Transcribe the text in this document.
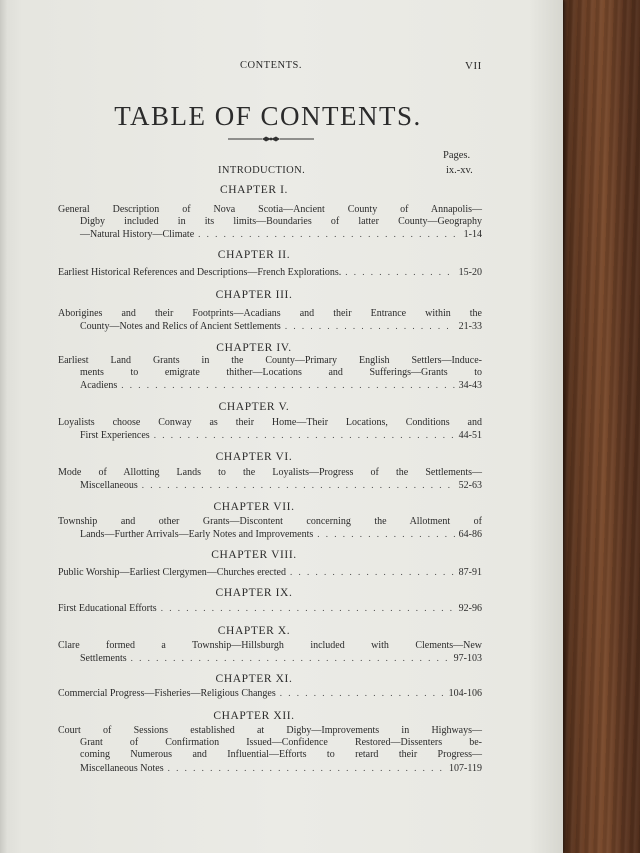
CONTENTS.	VII
TABLE OF CONTENTS.
Pages.
INTRODUCTION.	ix.-xv.
CHAPTER I.
General Description of Nova Scotia—Ancient County of Annapolis—
Digby included in its limits—Boundaries of latter County—Geography
—Natural History—Climate . . .	1-14
CHAPTER II.
Earliest Historical References and Descriptions—French Explorations. . . .	15-20
CHAPTER III.
Aborigines and their Footprints—Acadians and their Entrance within the
County—Notes and Relics of Ancient Settlements . . .	21-33
CHAPTER IV.
Earliest Land Grants in the County—Primary English Settlers—Induce-
ments to emigrate thither—Locations and Sufferings—Grants to
Acadiens . . .	34-43
CHAPTER V.
Loyalists choose Conway as their Home—Their Locations, Conditions and
First Experiences . . .	44-51
CHAPTER VI.
Mode of Allotting Lands to the Loyalists—Progress of the Settlements—
Miscellaneous . . .	52-63
CHAPTER VII.
Township and other Grants—Discontent concerning the Allotment of
Lands—Further Arrivals—Early Notes and Improvements . . .	64-86
CHAPTER VIII.
Public Worship—Earliest Clergymen—Churches erected . . .	87-91
CHAPTER IX.
First Educational Efforts . . .	92-96
CHAPTER X.
Clare formed a Township—Hillsburgh included with Clements—New
Settlements . . .	97-103
CHAPTER XI.
Commercial Progress—Fisheries—Religious Changes . . .	104-106
CHAPTER XII.
Court of Sessions established at Digby—Improvements in Highways—
Grant of Confirmation Issued—Confidence Restored—Dissenters be-
coming Numerous and Influential—Efforts to retard their Progress—
Miscellaneous Notes . . .	107-119
